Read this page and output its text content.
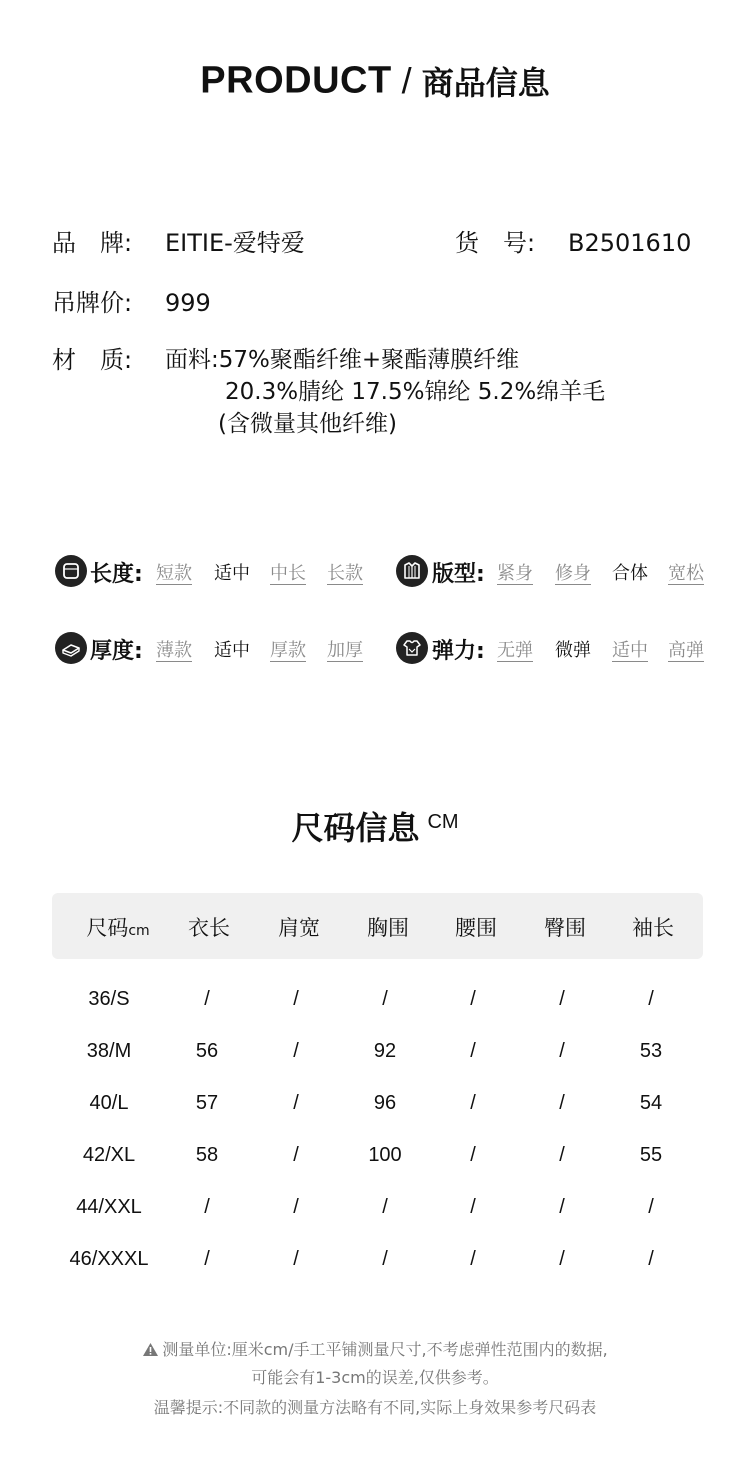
PRODUCT / 商品信息
品　牌: EITIE-爱特爱	货　号: B2501610
吊牌价: 999
材　质: 面料:57%聚酯纤维+聚酯薄膜纤维
20.3%腈纶 17.5%锦纶 5.2%绵羊毛
(含微量其他纤维)
长度: 短款 适中 中长 长款	版型: 紧身 修身 合体 宽松
厚度: 薄款 适中 厚款 加厚	弹力: 无弹 微弹 适中 高弹
尺码信息 CM
尺码cm	衣长	肩宽	胸围	腰围	臀围	袖长
36/S	/	/	/	/	/	/
38/M	56	/	92	/	/	53
40/L	57	/	96	/	/	54
42/XL	58	/	100	/	/	55
44/XXL	/	/	/	/	/	/
46/XXXL	/	/	/	/	/	/
测量单位:厘米cm/手工平铺测量尺寸,不考虑弹性范围内的数据,
可能会有1-3cm的误差,仅供参考。
温馨提示:不同款的测量方法略有不同,实际上身效果参考尺码表
